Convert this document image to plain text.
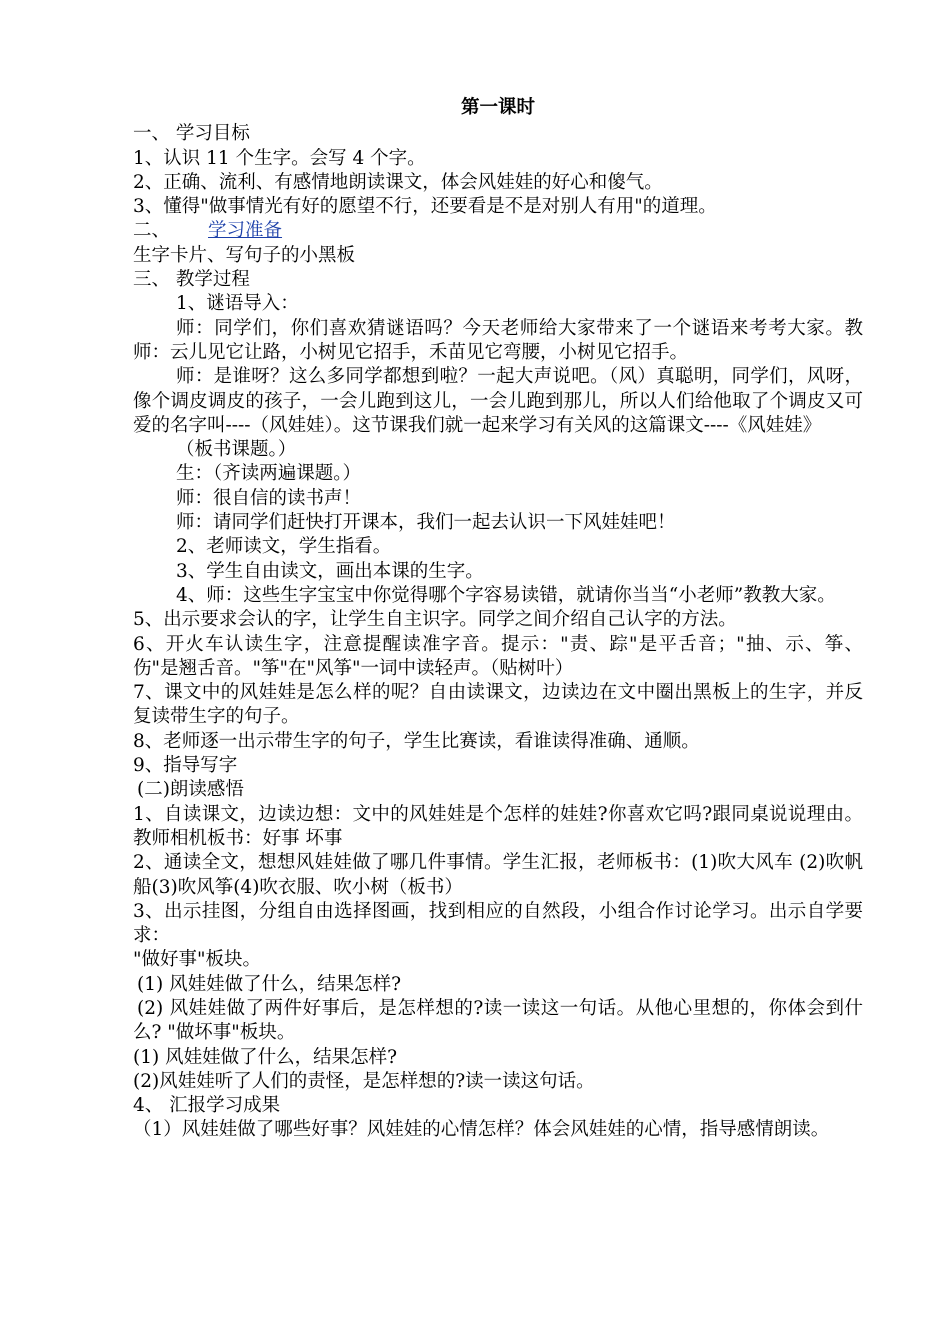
第一课时

一、 学习目标

1、认识 11 个生字。会写 4 个字。

2、正确、流利、有感情地朗读课文，体会风娃娃的好心和傻气。

3、懂得"做事情光有好的愿望不行，还要看是不是对别人有用"的道理。

二、 学习准备

生字卡片、写句子的小黑板

三、 教学过程

1、谜语导入：

师：同学们，你们喜欢猜谜语吗？今天老师给大家带来了一个谜语来考考大家。教师：云儿见它让路，小树见它招手，禾苗见它弯腰，小树见它招手。

师：是谁呀？这么多同学都想到啦？一起大声说吧。（风）真聪明，同学们，风呀，像个调皮调皮的孩子，一会儿跑到这儿，一会儿跑到那儿，所以人们给他取了个调皮又可爱的名字叫----（风娃娃）。这节课我们就一起来学习有关风的这篇课文----《风娃娃》

（板书课题。）

生：（齐读两遍课题。）

师：很自信的读书声！

师：请同学们赶快打开课本，我们一起去认识一下风娃娃吧！

2、老师读文，学生指看。

3、学生自由读文，画出本课的生字。

4、师：这些生字宝宝中你觉得哪个字容易读错，就请你当当“小老师”教教大家。

5、出示要求会认的字，让学生自主识字。同学之间介绍自己认字的方法。

6、开火车认读生字，注意提醒读准字音。提示："责、踪"是平舌音；"抽、示、筝、伤"是翘舌音。"筝"在"风筝"一词中读轻声。（贴树叶）

7、课文中的风娃娃是怎么样的呢？自由读课文，边读边在文中圈出黑板上的生字，并反复读带生字的句子。

8、老师逐一出示带生字的句子，学生比赛读，看谁读得准确、通顺。

9、指导写字

(二)朗读感悟

1、自读课文，边读边想：文中的风娃娃是个怎样的娃娃?你喜欢它吗?跟同桌说说理由。教师相机板书：好事 坏事

2、通读全文，想想风娃娃做了哪几件事情。学生汇报，老师板书：(1)吹大风车 (2)吹帆船(3)吹风筝(4)吹衣服、吹小树（板书）

3、出示挂图，分组自由选择图画，找到相应的自然段，小组合作讨论学习。出示自学要求：

"做好事"板块。

(1) 风娃娃做了什么，结果怎样?

(2) 风娃娃做了两件好事后，是怎样想的?读一读这一句话。从他心里想的，你体会到什么? "做坏事"板块。

(1) 风娃娃做了什么，结果怎样?

(2)风娃娃听了人们的责怪，是怎样想的?读一读这句话。

4、 汇报学习成果

（1）风娃娃做了哪些好事？风娃娃的心情怎样？体会风娃娃的心情，指导感情朗读。
